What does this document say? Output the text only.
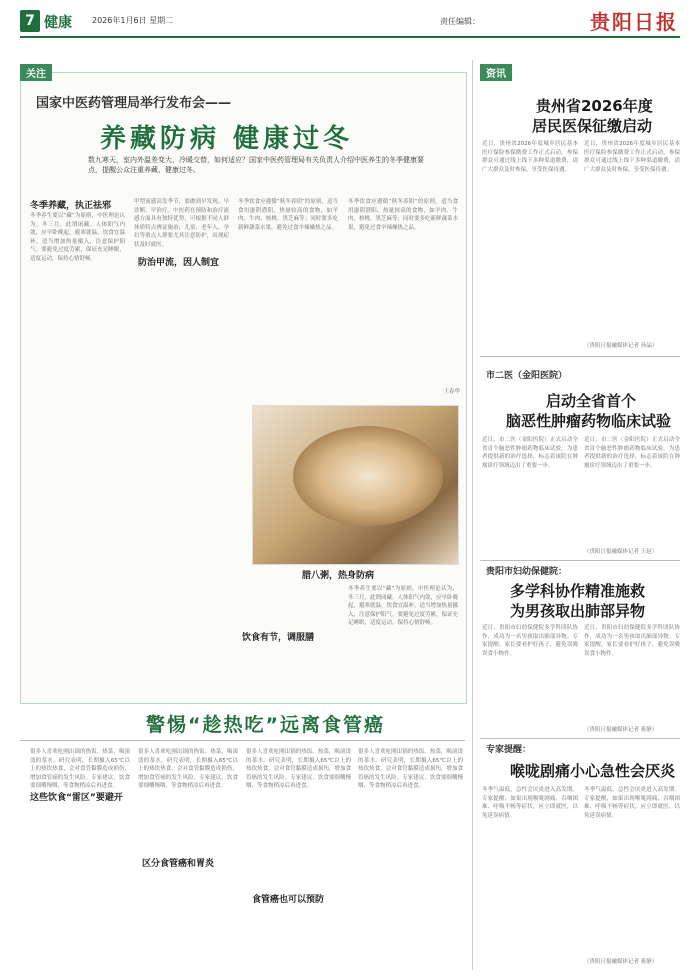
7 健康	2026年1月6日 星期二	责任编辑：	贵阳日报
关注
国家中医药管理局举行发布会——
养藏防病 健康过冬
数九寒天，室内外温差变大，冷暖交替，如何适应？国家中医药管理局有关负责人介绍中医养生的冬季健康要点，提醒公众注重养藏、健康过冬。
冬季养藏，执正祛邪
冬季养生要以“藏”为原则，中医理论认为，冬三月，此谓闭藏。人体阳气内敛，应早卧晚起，避寒就温，饮食宜温补，适当增加热量摄入，注意保护阳气。要避免过度劳累，保证充足睡眠，适度运动，保持心情舒畅。	防治甲流，因人制宜
甲型流感高发季节，要做到早发现、早诊断、早治疗。中医药在预防和治疗流感方面具有独特优势，可根据不同人群体质特点辨证施治，儿童、老年人、孕妇等重点人群要尤其注意防护，出现症状及时就医。
饮食有节，调服膳
冬季饮食应遵循“秋冬养阴”的原则，适当食用滋阴潜阳、热量较高的食物，如羊肉、牛肉、核桃、黑芝麻等；同时要多吃新鲜蔬菜水果，避免过食辛辣燥热之品。
冬季饮食应遵循“秋冬养阴”的原则，适当食用滋阴潜阳、热量较高的食物，如羊肉、牛肉、核桃、黑芝麻等；同时要多吃新鲜蔬菜水果，避免过食辛辣燥热之品。
腊八粥，热身防病
冬季养生要以“藏”为原则，中医理论认为，冬三月，此谓闭藏。人体阳气内敛，应早卧晚起，避寒就温，饮食宜温补，适当增加热量摄入，注意保护阳气。要避免过度劳累，保证充足睡眠，适度运动，保持心情舒畅。
王春华
警惕“趁热吃”远离食管癌
这些饮食“雷区”要避开
很多人喜欢吃刚出锅的热饭、热菜，喝滚烫的茶水。研究表明，长期摄入65℃以上的热饮热食，会对食管黏膜造成损伤，增加食管癌的发生风险。专家建议，饮食要细嚼慢咽，等食物稍凉后再进食。
区分食管癌和胃炎
很多人喜欢吃刚出锅的热饭、热菜，喝滚烫的茶水。研究表明，长期摄入65℃以上的热饮热食，会对食管黏膜造成损伤，增加食管癌的发生风险。专家建议，饮食要细嚼慢咽，等食物稍凉后再进食。
食管癌也可以预防
很多人喜欢吃刚出锅的热饭、热菜，喝滚烫的茶水。研究表明，长期摄入65℃以上的热饮热食，会对食管黏膜造成损伤，增加食管癌的发生风险。专家建议，饮食要细嚼慢咽，等食物稍凉后再进食。
很多人喜欢吃刚出锅的热饭、热菜，喝滚烫的茶水。研究表明，长期摄入65℃以上的热饮热食，会对食管黏膜造成损伤，增加食管癌的发生风险。专家建议，饮食要细嚼慢咽，等食物稍凉后再进食。
资讯
贵州省2026年度
居民医保征缴启动
近日，贵州省2026年度城乡居民基本医疗保险参保缴费工作正式启动，参保群众可通过线上线下多种渠道缴费，请广大群众及时参保，享受医保待遇。
近日，贵州省2026年度城乡居民基本医疗保险参保缴费工作正式启动，参保群众可通过线上线下多种渠道缴费，请广大群众及时参保，享受医保待遇。
（贵阳日报融媒体记者 孙晶）
市二医（金阳医院）
启动全省首个
脑恶性肿瘤药物临床试验
近日，市二医（金阳医院）正式启动全省首个脑恶性肿瘤药物临床试验，为患者提供新的治疗选择，标志着该院在肿瘤诊疗领域迈出了重要一步。
近日，市二医（金阳医院）正式启动全省首个脑恶性肿瘤药物临床试验，为患者提供新的治疗选择，标志着该院在肿瘤诊疗领域迈出了重要一步。
（贵阳日报融媒体记者 王赵）
贵阳市妇幼保健院：
多学科协作精准施救
为男孩取出肺部异物
近日，贵阳市妇幼保健院多学科团队协作，成功为一名男孩取出肺部异物。专家提醒，家长要看护好孩子，避免误吸误食小物件。
近日，贵阳市妇幼保健院多学科团队协作，成功为一名男孩取出肺部异物。专家提醒，家长要看护好孩子，避免误吸误食小物件。
（贵阳日报融媒体记者 蒋静）
专家提醒：
喉咙剧痛小心急性会厌炎
冬季气温低，急性会厌炎进入高发期。专家提醒，如果出现喉咙剧痛、吞咽困难、呼吸不畅等症状，应立即就医，以免延误病情。
冬季气温低，急性会厌炎进入高发期。专家提醒，如果出现喉咙剧痛、吞咽困难、呼吸不畅等症状，应立即就医，以免延误病情。
（贵阳日报融媒体记者 蒋静）
